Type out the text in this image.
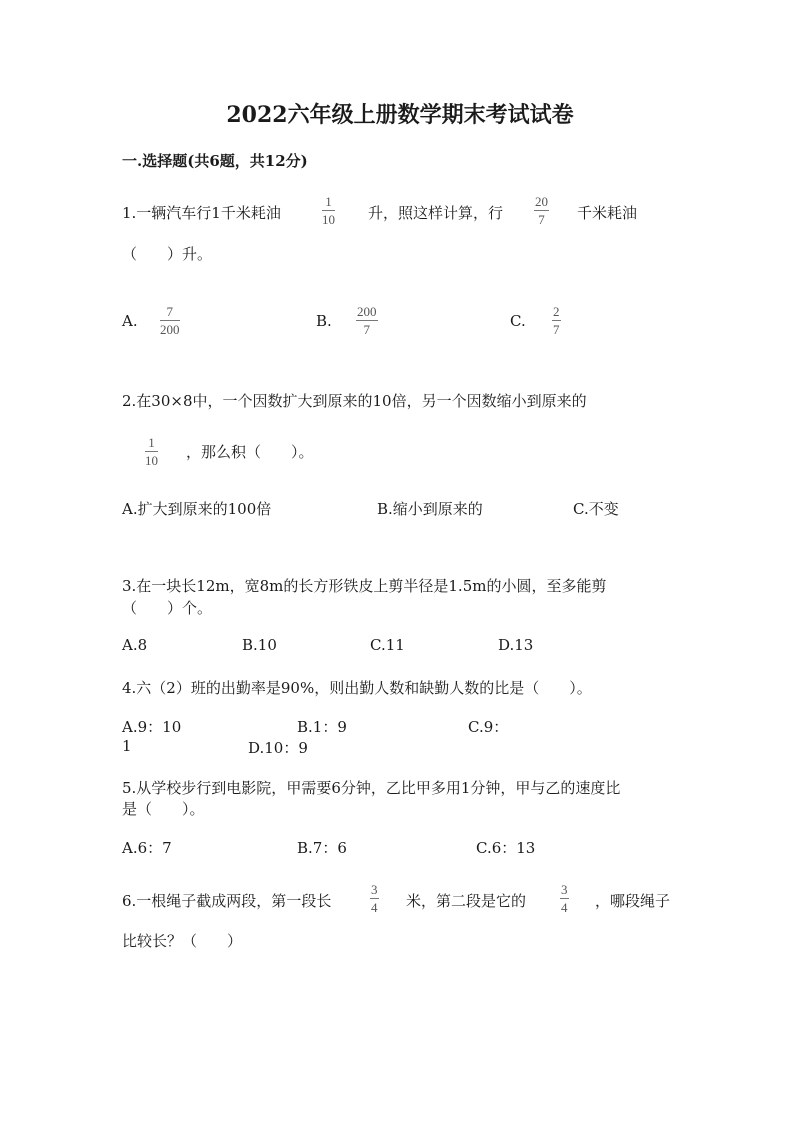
2022六年级上册数学期末考试试卷
一.选择题(共6题，共12分)
1.一辆汽车行1千米耗油
1
10 升，照这样计算，行
20
7 千米耗油
（　　）升。
A.
7
200	B.
200
7	C.
2
7
2.在30×8中，一个因数扩大到原来的10倍，另一个因数缩小到原来的
1
10 ，那么积（　　）。
A.扩大到原来的100倍	B.缩小到原来的	C.不变
3.在一块长12m，宽8m的长方形铁皮上剪半径是1.5m的小圆，至多能剪
（　　）个。
A.8	B.10	C.11	D.13
4.六（2）班的出勤率是90%，则出勤人数和缺勤人数的比是（　　）。
A.9：10	B.1：9	C.9：
1	D.10：9
5.从学校步行到电影院，甲需要6分钟，乙比甲多用1分钟，甲与乙的速度比
是（　　）。
A.6：7	B.7：6	C.6：13
6.一根绳子截成两段，第一段长
3
4 米，第二段是它的
3
4 ，哪段绳子
比较长？（　　）
